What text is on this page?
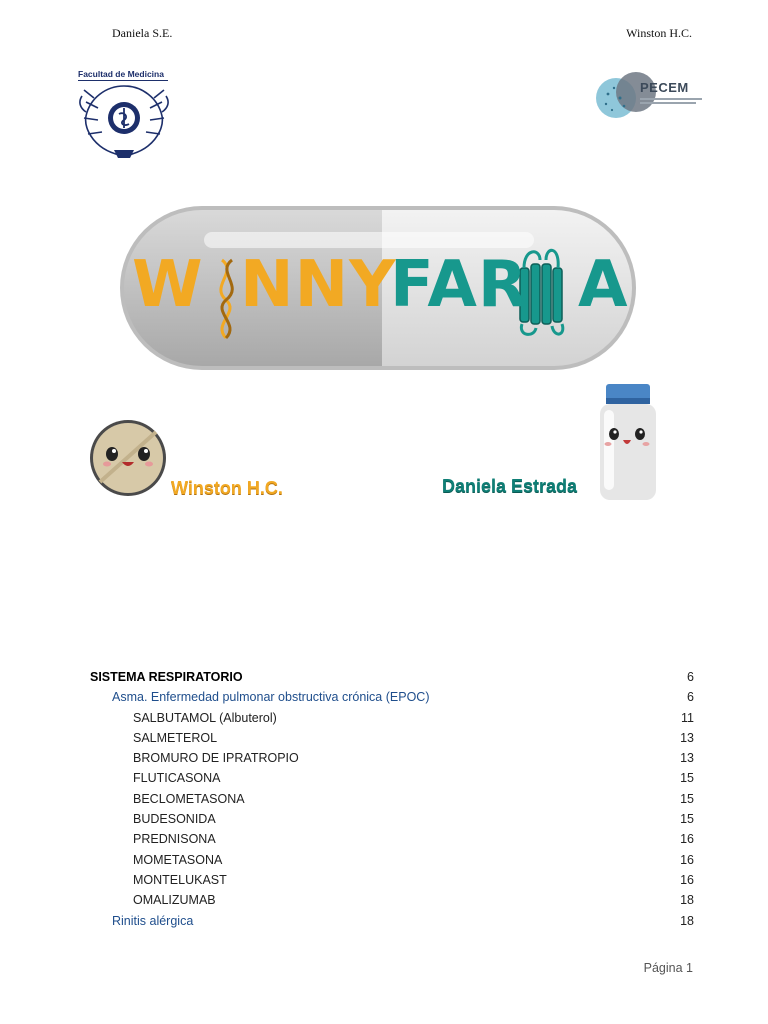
Daniela S.E.	Winston H.C.
Facultad de Medicina
PECEM
W NNY
FAR A
Winston H.C.	Daniela Estrada
SISTEMA RESPIRATORIO	6
Asma. Enfermedad pulmonar obstructiva crónica (EPOC)	6
SALBUTAMOL (Albuterol)	11
SALMETEROL	13
BROMURO DE IPRATROPIO	13
FLUTICASONA	15
BECLOMETASONA	15
BUDESONIDA	15
PREDNISONA	16
MOMETASONA	16
MONTELUKAST	16
OMALIZUMAB	18
Rinitis alérgica	18
Página 1
